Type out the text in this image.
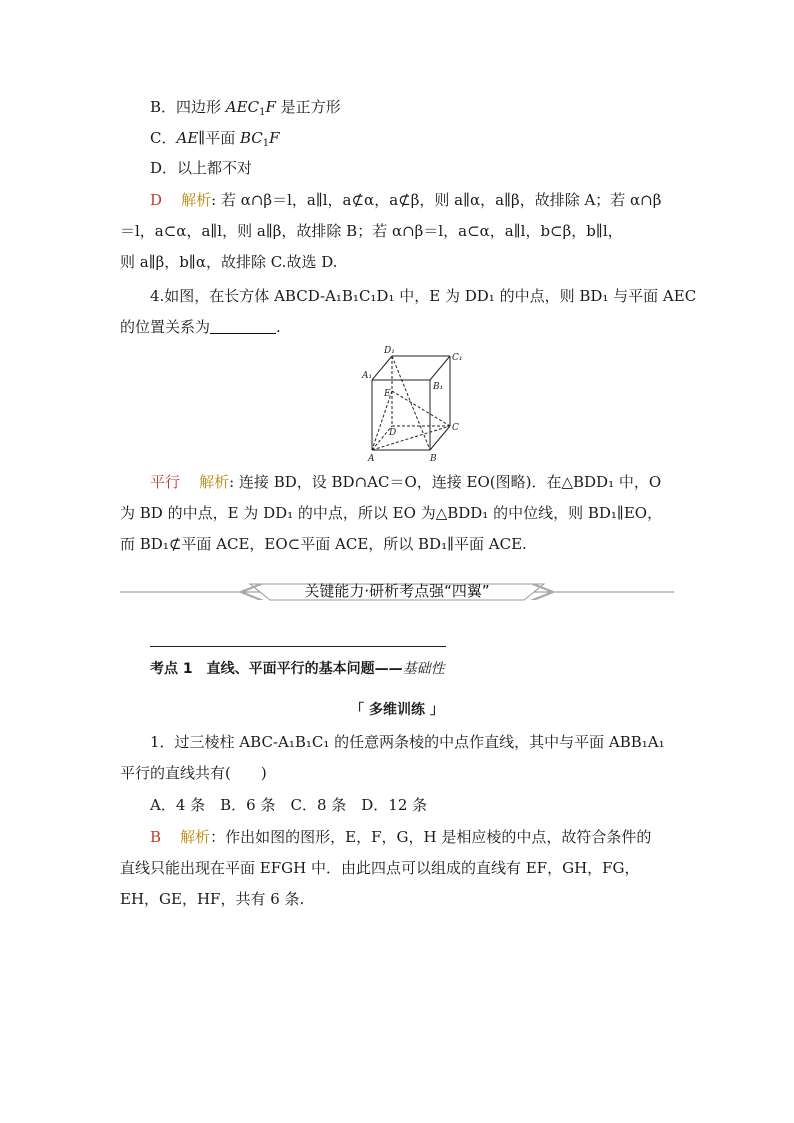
B．四边形 $AEC_1F$ 是正方形
C．AE∥平面 $BC_1F$
D．以上都不对
D 解析: 若 α∩β＝l，a∥l，a⊄α，a⊄β，则 a∥α，a∥β，故排除 A；若 α∩β
＝l，a⊂α，a∥l，则 a∥β，故排除 B；若 α∩β＝l，a⊂α，a∥l，b⊂β，b∥l，
则 a∥β，b∥α，故排除 C.故选 D.
4.如图，在长方体 ABCD-A₁B₁C₁D₁ 中，E 为 DD₁ 的中点，则 BD₁ 与平面 AEC
的位置关系为	.
D₁
C₁
A₁
B₁
E
D	C
A	B
平行 解析: 连接 BD，设 BD∩AC＝O，连接 EO(图略)．在△BDD₁ 中，O
为 BD 的中点，E 为 DD₁ 的中点，所以 EO 为△BDD₁ 的中位线，则 BD₁∥EO，
而 BD₁⊄平面 ACE，EO⊂平面 ACE，所以 BD₁∥平面 ACE.
关键能力·研析考点强“四翼”
考点 1　直线、平面平行的基本问题——基础性
「 多维训练 」
1．过三棱柱 ABC-A₁B₁C₁ 的任意两条棱的中点作直线，其中与平面 ABB₁A₁
平行的直线共有(　　)
A．4 条　B．6 条　C．8 条　D．12 条
B 解析：作出如图的图形，E，F，G，H 是相应棱的中点，故符合条件的
直线只能出现在平面 EFGH 中．由此四点可以组成的直线有 EF，GH，FG，
EH，GE，HF，共有 6 条.
